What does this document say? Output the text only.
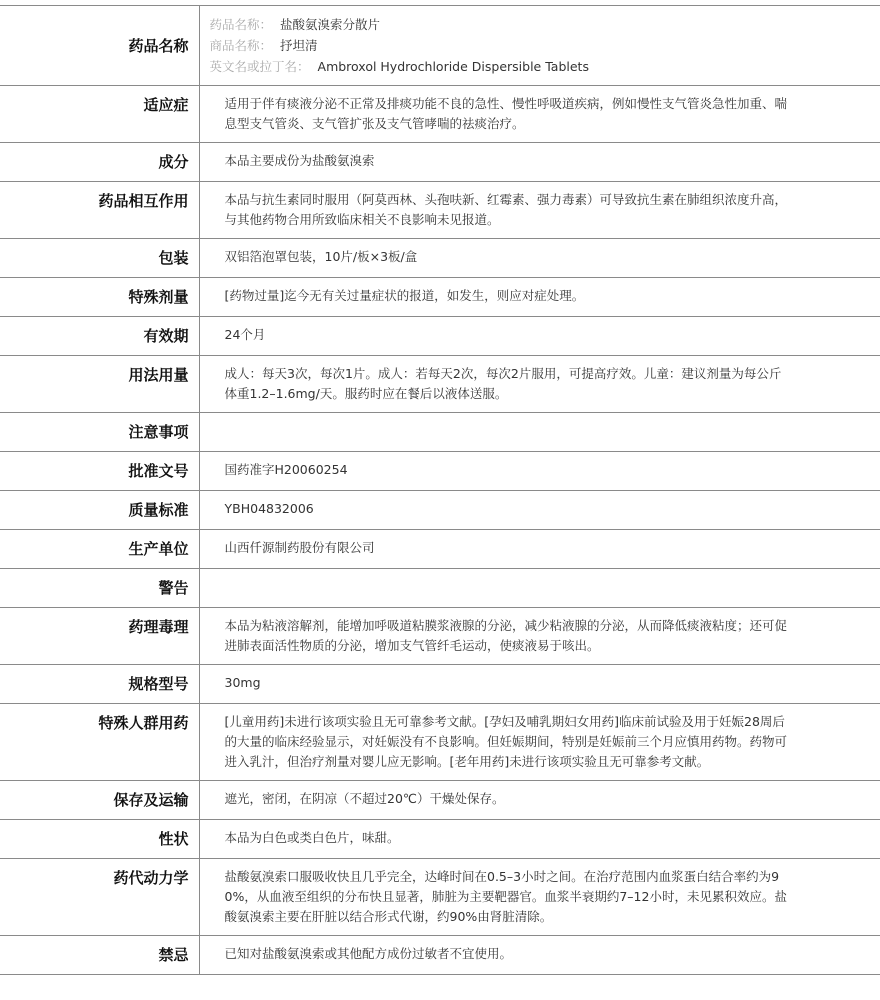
药品名称	药品名称： 盐酸氨溴索分散片
商品名称： 抒坦清
英文名或拉丁名： Ambroxol Hydrochloride Dispersible Tablets

适应症	适用于伴有痰液分泌不正常及排痰功能不良的急性、慢性呼吸道疾病，例如慢性支气管炎急性加重、喘息型支气管炎、支气管扩张及支气管哮喘的祛痰治疗。

成分	本品主要成份为盐酸氨溴索

药品相互作用	本品与抗生素同时服用（阿莫西林、头孢呋新、红霉素、强力毒素）可导致抗生素在肺组织浓度升高，与其他药物合用所致临床相关不良影响未见报道。

包装	双铝箔泡罩包装，10片/板×3板/盒

特殊剂量	[药物过量]迄今无有关过量症状的报道，如发生，则应对症处理。

有效期	24个月

用法用量	成人：每天3次，每次1片。成人：若每天2次，每次2片服用，可提高疗效。儿童：建议剂量为每公斤体重1.2–1.6mg/天。服药时应在餐后以液体送服。

注意事项	

批准文号	国药准字H20060254

质量标准	YBH04832006

生产单位	山西仟源制药股份有限公司

警告	

药理毒理	本品为粘液溶解剂，能增加呼吸道粘膜浆液腺的分泌，减少粘液腺的分泌，从而降低痰液粘度；还可促进肺表面活性物质的分泌，增加支气管纤毛运动，使痰液易于咳出。

规格型号	30mg

特殊人群用药	[儿童用药]未进行该项实验且无可靠参考文献。[孕妇及哺乳期妇女用药]临床前试验及用于妊娠28周后的大量的临床经验显示，对妊娠没有不良影响。但妊娠期间，特别是妊娠前三个月应慎用药物。药物可进入乳汁，但治疗剂量对婴儿应无影响。[老年用药]未进行该项实验且无可靠参考文献。

保存及运输	遮光，密闭，在阴凉（不超过20℃）干燥处保存。

性状	本品为白色或类白色片，味甜。

药代动力学	盐酸氨溴索口服吸收快且几乎完全，达峰时间在0.5–3小时之间。在治疗范围内血浆蛋白结合率约为90%，从血液至组织的分布快且显著，肺脏为主要靶器官。血浆半衰期约7–12小时，未见累积效应。盐酸氨溴索主要在肝脏以结合形式代谢，约90%由肾脏清除。

禁忌	已知对盐酸氨溴索或其他配方成份过敏者不宜使用。
